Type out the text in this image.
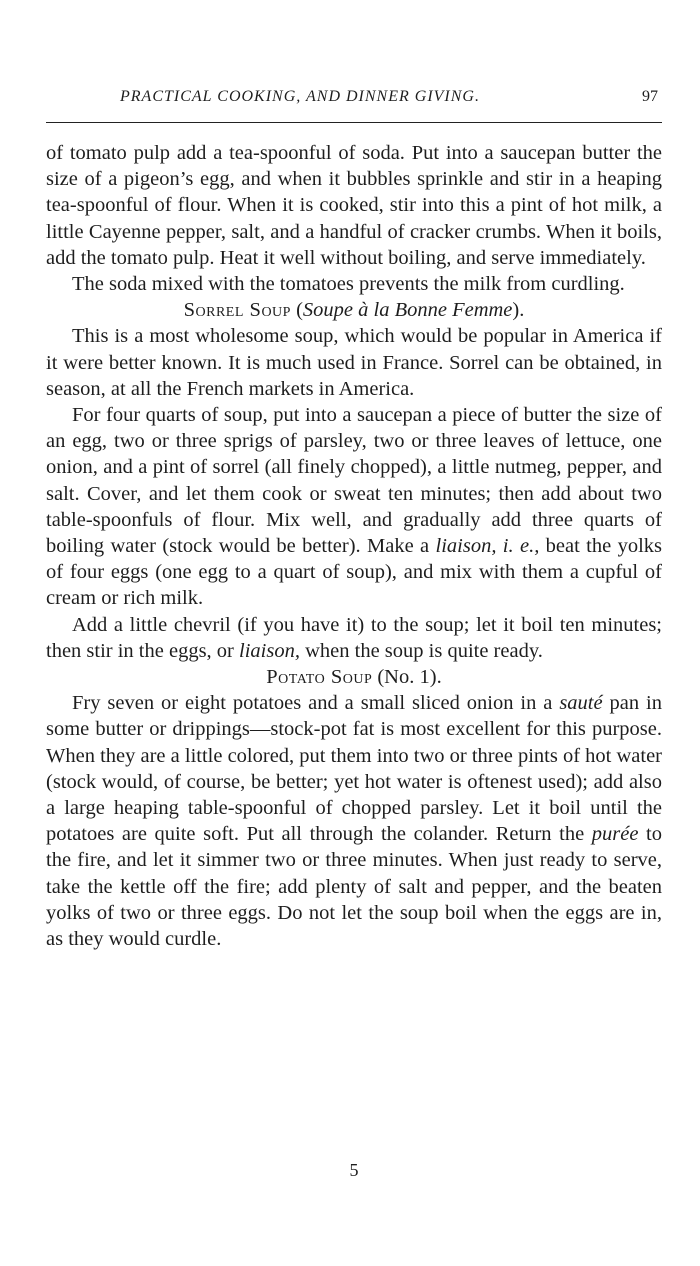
PRACTICAL COOKING, AND DINNER GIVING.	97

of tomato pulp add a tea-spoonful of soda. Put into a saucepan butter the size of a pigeon’s egg, and when it bubbles sprinkle and stir in a heaping tea-spoonful of flour. When it is cooked, stir into this a pint of hot milk, a little Cayenne pepper, salt, and a handful of cracker crumbs. When it boils, add the tomato pulp. Heat it well without boiling, and serve immediately.

The soda mixed with the tomatoes prevents the milk from curdling.

Sorrel Soup (Soupe à la Bonne Femme).

This is a most wholesome soup, which would be popular in America if it were better known. It is much used in France. Sorrel can be obtained, in season, at all the French markets in America.

For four quarts of soup, put into a saucepan a piece of butter the size of an egg, two or three sprigs of parsley, two or three leaves of lettuce, one onion, and a pint of sorrel (all finely chopped), a little nutmeg, pepper, and salt. Cover, and let them cook or sweat ten minutes; then add about two table-spoonfuls of flour. Mix well, and gradually add three quarts of boiling water (stock would be better). Make a liaison, i. e., beat the yolks of four eggs (one egg to a quart of soup), and mix with them a cupful of cream or rich milk.

Add a little chevril (if you have it) to the soup; let it boil ten minutes; then stir in the eggs, or liaison, when the soup is quite ready.

Potato Soup (No. 1).

Fry seven or eight potatoes and a small sliced onion in a sauté pan in some butter or drippings—stock-pot fat is most excellent for this purpose. When they are a little colored, put them into two or three pints of hot water (stock would, of course, be better; yet hot water is oftenest used); add also a large heaping table-spoonful of chopped parsley. Let it boil until the potatoes are quite soft. Put all through the colander. Return the purée to the fire, and let it simmer two or three minutes. When just ready to serve, take the kettle off the fire; add plenty of salt and pepper, and the beaten yolks of two or three eggs. Do not let the soup boil when the eggs are in, as they would curdle.

5
